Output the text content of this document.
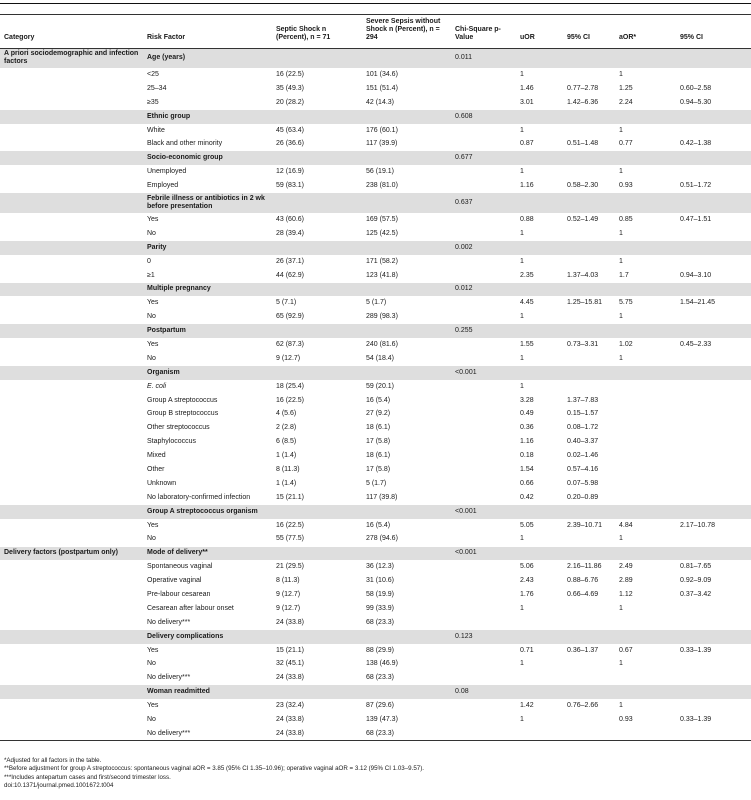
Category	Risk Factor	Septic Shock n (Percent), n = 71	Severe Sepsis without Shock n (Percent), n = 294	Chi-Square p-Value	uOR	95% CI	aOR*	95% CI
A priori sociodemographic and infection factors	Age (years)			0.011				
	<25	16 (22.5)	101 (34.6)		1		1	
	25–34	35 (49.3)	151 (51.4)		1.46	0.77–2.78	1.25	0.60–2.58
	≥35	20 (28.2)	42 (14.3)		3.01	1.42–6.36	2.24	0.94–5.30
	Ethnic group			0.608				
	White	45 (63.4)	176 (60.1)		1		1	
	Black and other minority	26 (36.6)	117 (39.9)		0.87	0.51–1.48	0.77	0.42–1.38
	Socio-economic group			0.677				
	Unemployed	12 (16.9)	56 (19.1)		1		1	
	Employed	59 (83.1)	238 (81.0)		1.16	0.58–2.30	0.93	0.51–1.72
	Febrile illness or antibiotics in 2 wk before presentation			0.637				
	Yes	43 (60.6)	169 (57.5)		0.88	0.52–1.49	0.85	0.47–1.51
	No	28 (39.4)	125 (42.5)		1		1	
	Parity			0.002				
	0	26 (37.1)	171 (58.2)		1		1	
	≥1	44 (62.9)	123 (41.8)		2.35	1.37–4.03	1.7	0.94–3.10
	Multiple pregnancy			0.012				
	Yes	5 (7.1)	5 (1.7)		4.45	1.25–15.81	5.75	1.54–21.45
	No	65 (92.9)	289 (98.3)		1		1	
	Postpartum			0.255				
	Yes	62 (87.3)	240 (81.6)		1.55	0.73–3.31	1.02	0.45–2.33
	No	9 (12.7)	54 (18.4)		1		1	
	Organism			<0.001				
	E. coli	18 (25.4)	59 (20.1)		1			
	Group A streptococcus	16 (22.5)	16 (5.4)		3.28	1.37–7.83		
	Group B streptococcus	4 (5.6)	27 (9.2)		0.49	0.15–1.57		
	Other streptococcus	2 (2.8)	18 (6.1)		0.36	0.08–1.72		
	Staphylococcus	6 (8.5)	17 (5.8)		1.16	0.40–3.37		
	Mixed	1 (1.4)	18 (6.1)		0.18	0.02–1.46		
	Other	8 (11.3)	17 (5.8)		1.54	0.57–4.16		
	Unknown	1 (1.4)	5 (1.7)		0.66	0.07–5.98		
	No laboratory-confirmed infection	15 (21.1)	117 (39.8)		0.42	0.20–0.89		
	Group A streptococcus organism			<0.001				
	Yes	16 (22.5)	16 (5.4)		5.05	2.39–10.71	4.84	2.17–10.78
	No	55 (77.5)	278 (94.6)		1		1	
Delivery factors (postpartum only)	Mode of delivery**			<0.001				
	Spontaneous vaginal	21 (29.5)	36 (12.3)		5.06	2.16–11.86	2.49	0.81–7.65
	Operative vaginal	8 (11.3)	31 (10.6)		2.43	0.88–6.76	2.89	0.92–9.09
	Pre-labour cesarean	9 (12.7)	58 (19.9)		1.76	0.66–4.69	1.12	0.37–3.42
	Cesarean after labour onset	9 (12.7)	99 (33.9)		1		1	
	No delivery***	24 (33.8)	68 (23.3)					
	Delivery complications			0.123				
	Yes	15 (21.1)	88 (29.9)		0.71	0.36–1.37	0.67	0.33–1.39
	No	32 (45.1)	138 (46.9)		1		1	
	No delivery***	24 (33.8)	68 (23.3)					
	Woman readmitted			0.08				
	Yes	23 (32.4)	87 (29.6)		1.42	0.76–2.66	1	
	No	24 (33.8)	139 (47.3)		1		0.93	0.33–1.39
	No delivery***	24 (33.8)	68 (23.3)					
*Adjusted for all factors in the table.
**Before adjustment for group A streptococcus: spontaneous vaginal aOR = 3.85 (95% CI 1.35–10.96); operative vaginal aOR = 3.12 (95% CI 1.03–9.57).
***Includes antepartum cases and first/second trimester loss.
doi:10.1371/journal.pmed.1001672.t004
